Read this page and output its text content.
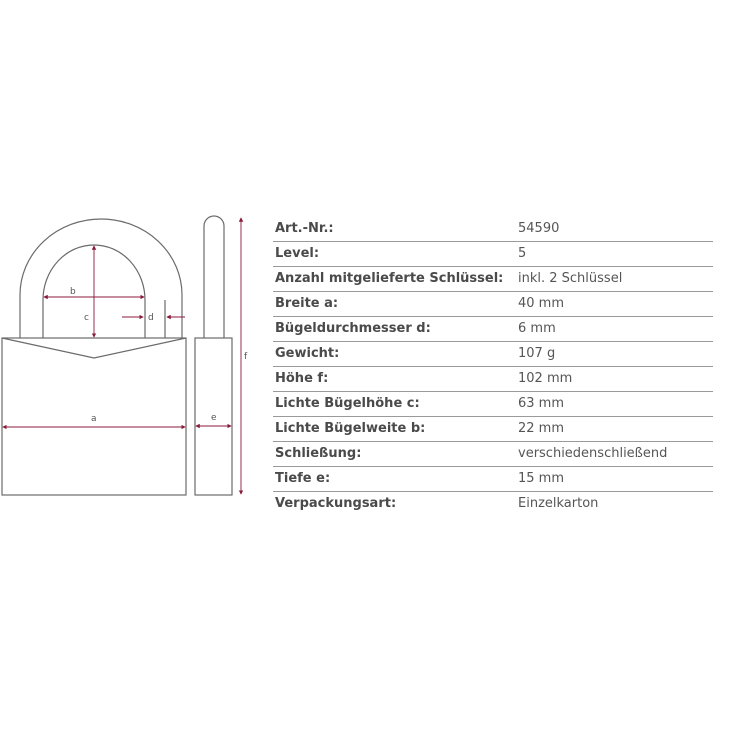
b
c	d
a	e
f
Art.-Nr.:	54590
Level:	5
Anzahl mitgelieferte Schlüssel: inkl. 2 Schlüssel
Breite a:	40 mm
Bügeldurchmesser d:	6 mm
Gewicht:	107 g
Höhe f:	102 mm
Lichte Bügelhöhe c:	63 mm
Lichte Bügelweite b:	22 mm
Schließung:	verschiedenschließend
Tiefe e:	15 mm
Verpackungsart:	Einzelkarton
